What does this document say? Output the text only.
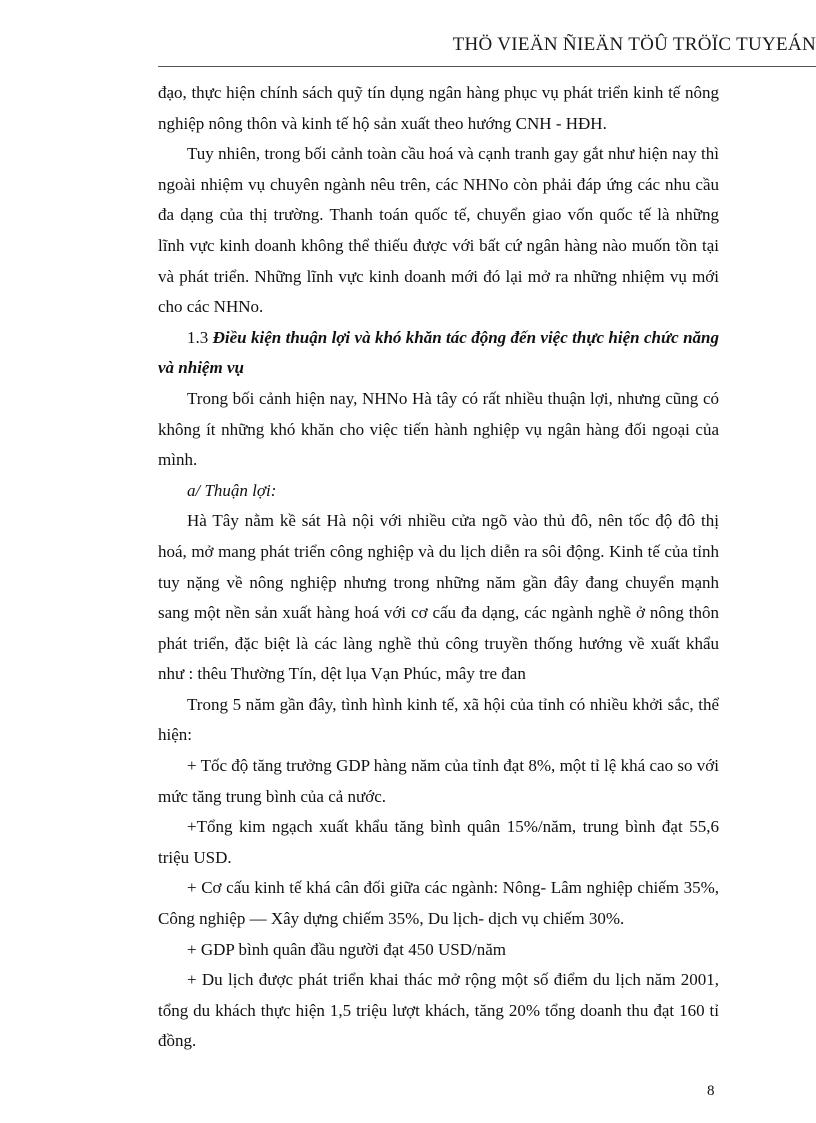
THÖ VIEÄN ÑIEÄN TÖÛ TRÖÏC TUYEÁN

đạo, thực hiện chính sách quỹ tín dụng ngân hàng phục vụ phát triển kinh tế nông nghiệp nông thôn và kinh tế hộ sản xuất theo hướng CNH - HĐH.

Tuy nhiên, trong bối cảnh toàn cầu hoá và cạnh tranh gay gắt như hiện nay thì ngoài nhiệm vụ chuyên ngành nêu trên, các NHNo còn phải đáp ứng các nhu cầu đa dạng của thị trường. Thanh toán quốc tế, chuyển giao vốn quốc tế là những lĩnh vực kinh doanh không thể thiếu được với bất cứ ngân hàng nào muốn tồn tại và phát triển. Những lĩnh vực kinh doanh mới đó lại mở ra những nhiệm vụ mới cho các NHNo.

1.3 Điều kiện thuận lợi và khó khăn tác động đến việc thực hiện chức năng và nhiệm vụ

Trong bối cảnh hiện nay, NHNo Hà tây có rất nhiều thuận lợi, nhưng cũng có không ít những khó khăn cho việc tiến hành nghiệp vụ ngân hàng đối ngoại của mình.

a/ Thuận lợi:

Hà Tây nằm kề sát Hà nội với nhiều cửa ngõ vào thủ đô, nên tốc độ đô thị hoá, mở mang phát triển công nghiệp và du lịch diễn ra sôi động. Kinh tế của tỉnh tuy nặng về nông nghiệp nhưng trong những năm gần đây đang chuyển mạnh sang một nền sản xuất hàng hoá với cơ cấu đa dạng, các ngành nghề ở nông thôn phát triển, đặc biệt là các làng nghề thủ công truyền thống hướng về xuất khẩu như : thêu Thường Tín, dệt lụa Vạn Phúc, mây tre đan

Trong 5 năm gần đây, tình hình kinh tế, xã hội của tỉnh có nhiều khởi sắc, thể hiện:

+ Tốc độ tăng trưởng GDP hàng năm của tỉnh đạt 8%, một tỉ lệ khá cao so với mức tăng trung bình của cả nước.

+Tổng kim ngạch xuất khẩu tăng bình quân 15%/năm, trung bình đạt 55,6 triệu USD.

+ Cơ cấu kinh tế khá cân đối giữa các ngành: Nông- Lâm nghiệp chiếm 35%, Công nghiệp — Xây dựng chiếm 35%, Du lịch- dịch vụ chiếm 30%.

+ GDP bình quân đầu người đạt 450 USD/năm

+ Du lịch được phát triển khai thác mở rộng một số điểm du lịch năm 2001, tổng du khách thực hiện 1,5 triệu lượt khách, tăng 20% tổng doanh thu đạt 160 tỉ đồng.

8
